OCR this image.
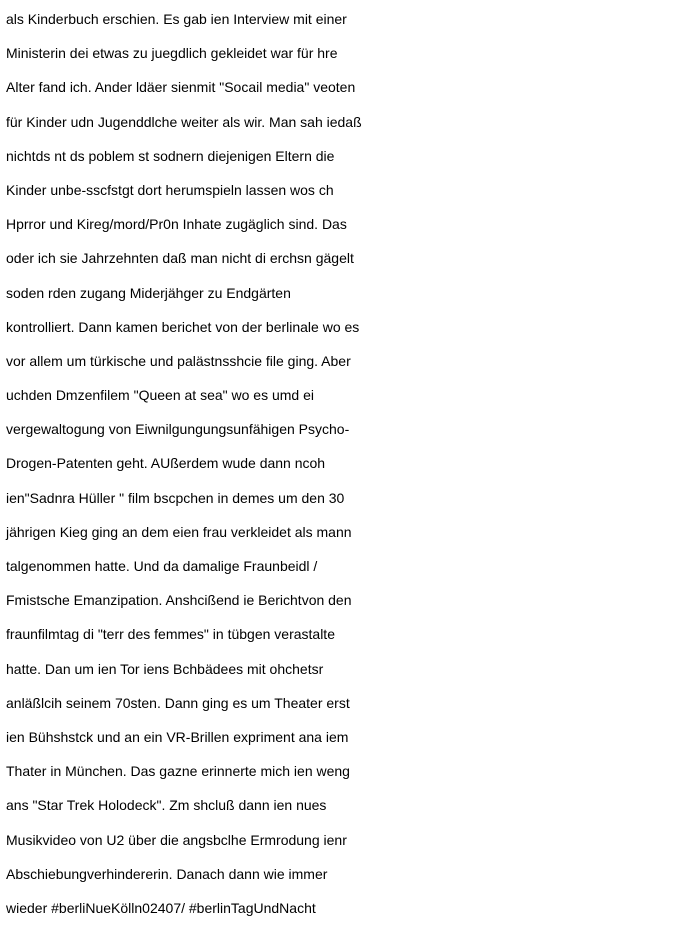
als Kinderbuch erschien. Es gab ien Interview mit einer
Ministerin dei etwas zu juegdlich gekleidet war für hre
Alter fand ich. Ander ldäer sienmit "Socail media" veoten
für Kinder udn Jugenddlche weiter als wir. Man sah iedaß
nichtds nt ds poblem st sodnern diejenigen Eltern die
Kinder unbe-sscfstgt dort herumspieln lassen wos ch
Hprror und Kireg/mord/Pr0n Inhate zugäglich sind. Das
oder ich sie Jahrzehnten daß man nicht di erchsn gägelt
soden rden zugang Miderjähger zu Endgärten
kontrolliert. Dann kamen berichet von der berlinale wo es
vor allem um türkische und palästnsshcie file ging. Aber
uchden Dmzenfilem "Queen at sea" wo es umd ei
vergewaltogung von Eiwnilgungungsunfähigen Psycho-
Drogen-Patenten geht. AUßerdem wude dann ncoh
ien"Sadnra Hüller " film bscpchen in demes um den 30
jährigen Kieg ging an dem eien frau verkleidet als mann
talgenommen hatte. Und da damalige Fraunbeidl /
Fmistsche Emanzipation. Anshcißend ie Berichtvon den
fraunfilmtag di "terr des femmes" in tübgen verastalte
hatte. Dan um ien Tor iens Bchbädees mit ohchetsr
anläßlcih seinem 70sten. Dann ging es um Theater erst
ien Bühshstck und an ein VR-Brillen expriment ana iem
Thater in München. Das gazne erinnerte mich ien weng
ans "Star Trek Holodeck". Zm shcluß dann ien nues
Musikvideo von U2 über die angsbclhe Ermrodung ienr
Abschiebungverhindererin. Danach dann wie immer
wieder #berliNueKölln02407/ #berlinTagUndNacht
